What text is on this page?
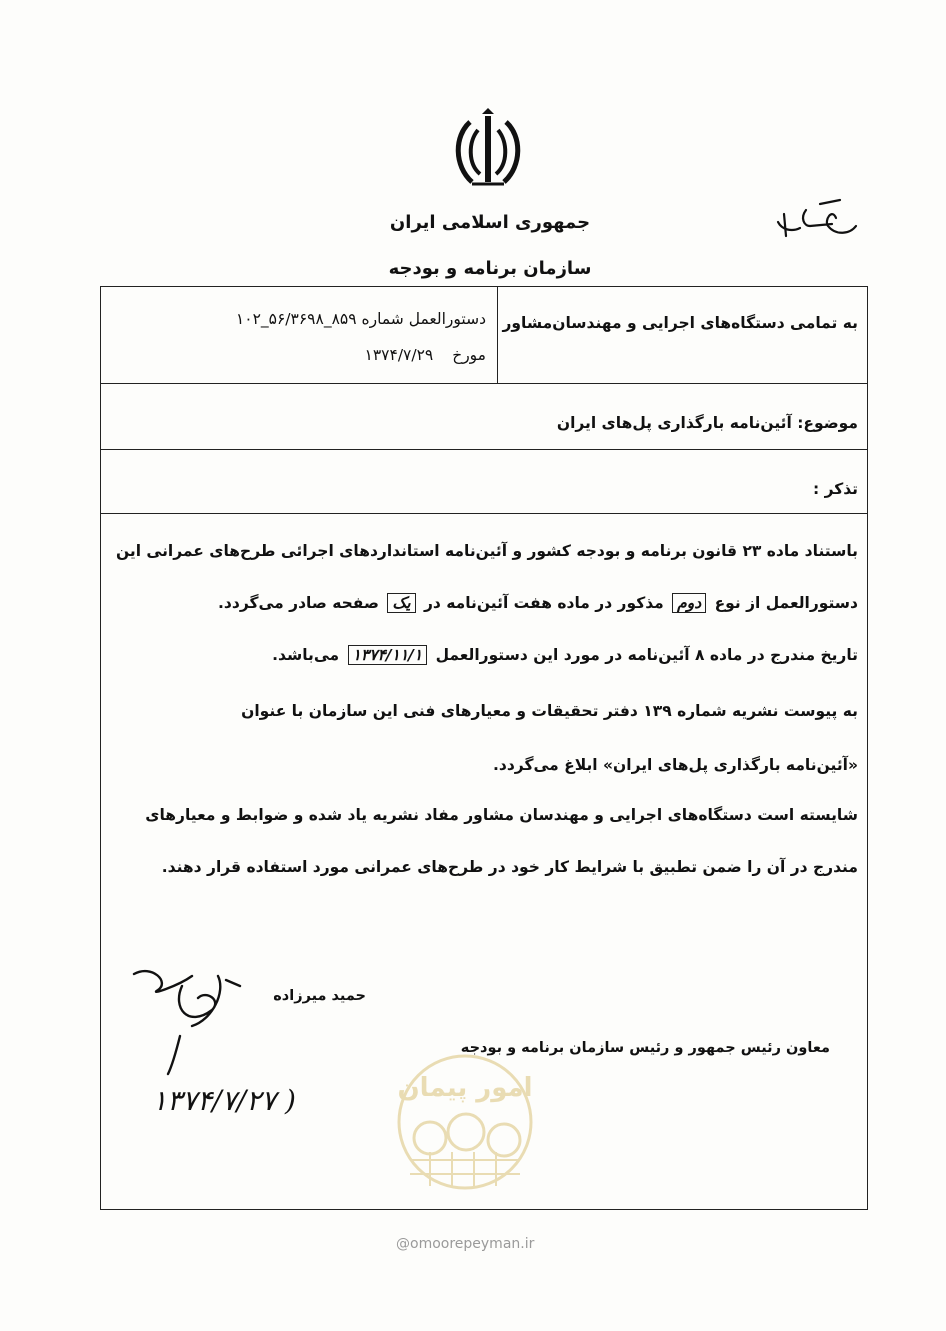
جمهوری اسلامی ایران
سازمان برنامه و بودجه
به تمامی دستگاه‌های اجرایی و مهندسان‌مشاور
دستورالعمل شماره ۸۵۹_۵۶/۳۶۹۸_۱۰۲
مورخ ۱۳۷۴/۷/۲۹
موضوع: آئین‌نامه بارگذاری پل‌های ایران
تذکر :
باستناد ماده ۲۳ قانون برنامه و بودجه کشور و آئین‌نامه استانداردهای اجرائی طرح‌های عمرانی این
دستورالعمل از نوع دوم مذکور در ماده هفت آئین‌نامه در یک صفحه صادر می‌گردد.
تاریخ مندرج در ماده ۸ آئین‌نامه در مورد این دستورالعمل ۱۳۷۴/۱۱/۱ می‌باشد.
به پیوست نشریه شماره ۱۳۹ دفتر تحقیقات و معیارهای فنی این سازمان با عنوان
«آئین‌نامه بارگذاری پل‌های ایران» ابلاغ می‌گردد.
شایسته است دستگاه‌های اجرایی و مهندسان مشاور مفاد نشریه یاد شده و ضوابط و معیارهای
مندرج در آن را ضمن تطبیق با شرایط کار خود در طرح‌های عمرانی مورد استفاده قرار دهند.
حمید میرزاده
معاون رئیس جمهور و رئیس سازمان برنامه و بودجه
۱۳۷۴/۷/۲۷ )	امور پیمان
@omoorepeyman.ir
